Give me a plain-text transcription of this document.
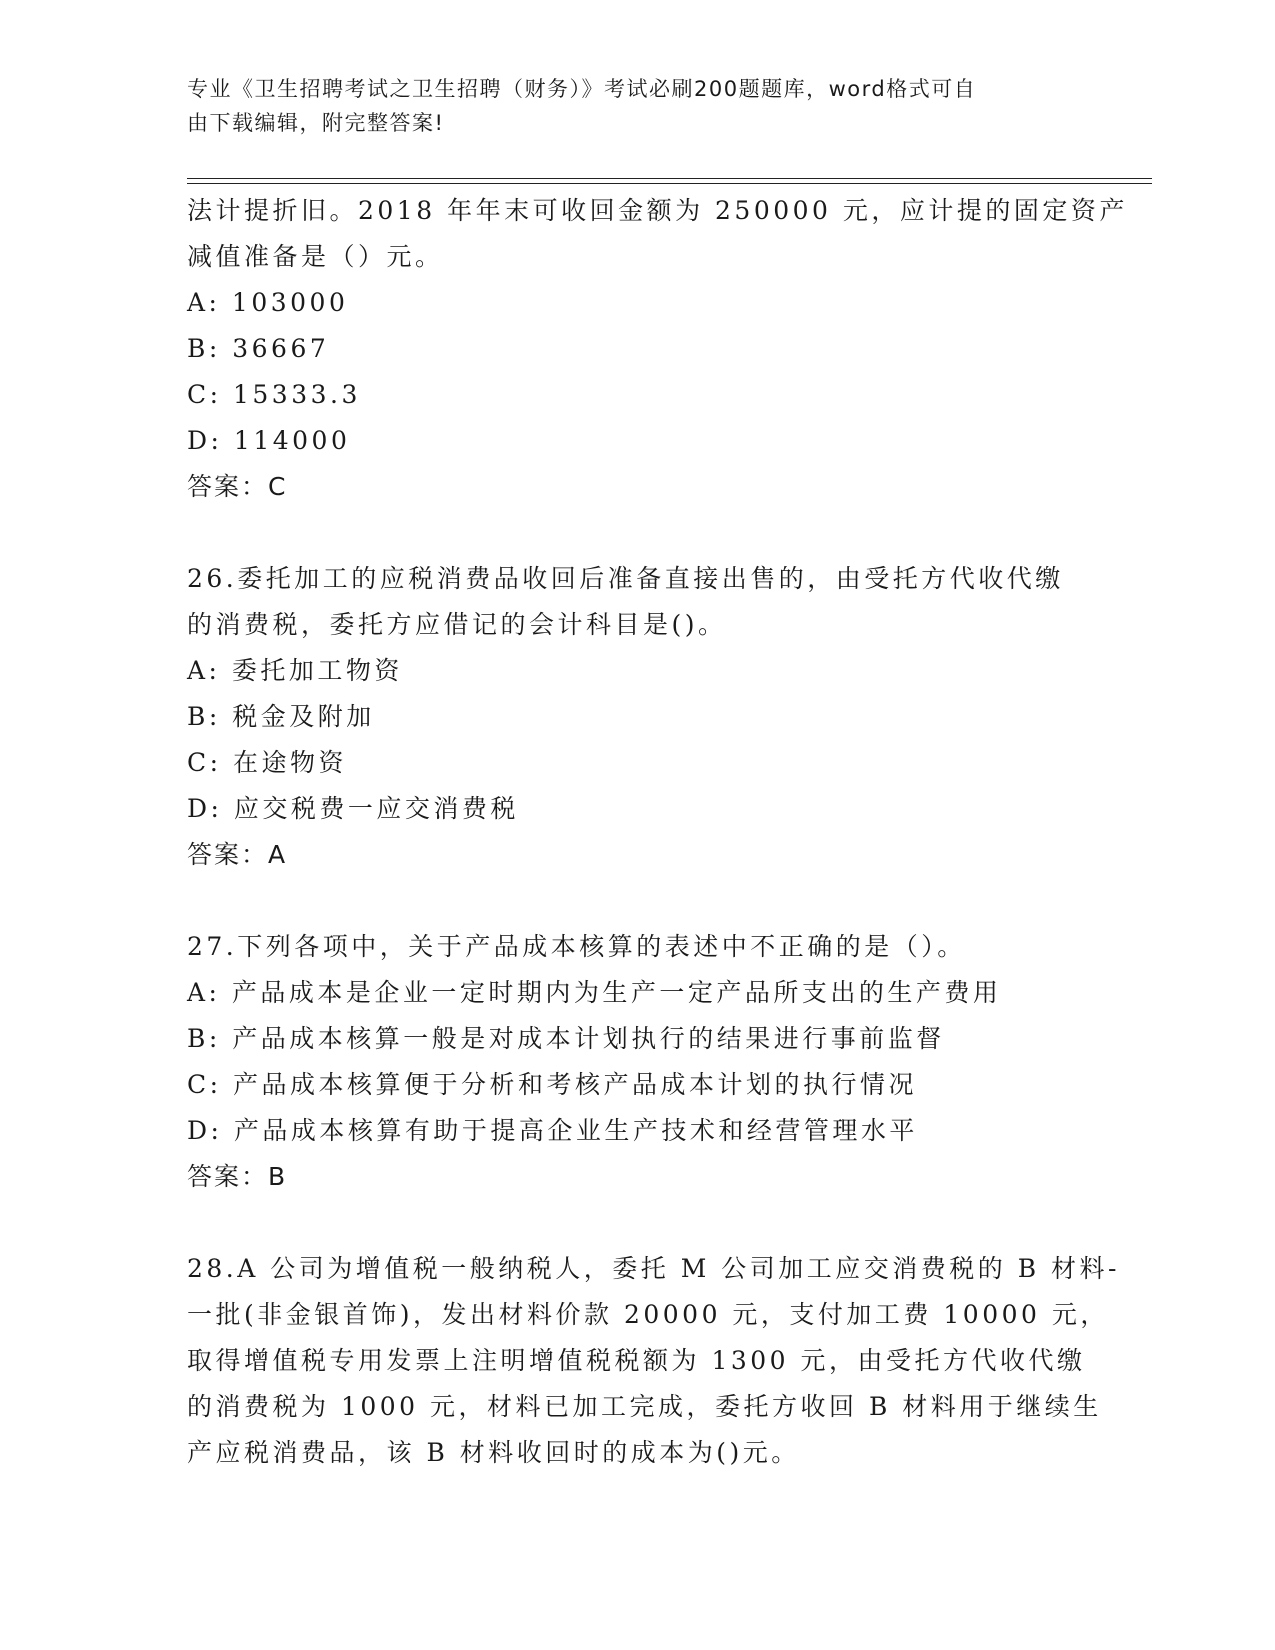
专业《卫生招聘考试之卫生招聘（财务）》考试必刷200题题库，word格式可自
由下载编辑，附完整答案!
法计提折旧。2018 年年末可收回金额为 250000 元，应计提的固定资产
减值准备是（）元。
A: 103000
B: 36667
C: 15333.3
D: 114000
答案：C
26.委托加工的应税消费品收回后准备直接出售的，由受托方代收代缴
的消费税，委托方应借记的会计科目是()。
A: 委托加工物资
B: 税金及附加
C: 在途物资
D: 应交税费一应交消费税
答案：A
27.下列各项中，关于产品成本核算的表述中不正确的是（）。
A: 产品成本是企业一定时期内为生产一定产品所支出的生产费用
B: 产品成本核算一般是对成本计划执行的结果进行事前监督
C: 产品成本核算便于分析和考核产品成本计划的执行情况
D: 产品成本核算有助于提高企业生产技术和经营管理水平
答案：B
28.A 公司为增值税一般纳税人，委托 M 公司加工应交消费税的 B 材料-
一批(非金银首饰)，发出材料价款 20000 元，支付加工费 10000 元，
取得增值税专用发票上注明增值税税额为 1300 元，由受托方代收代缴
的消费税为 1000 元，材料已加工完成，委托方收回 B 材料用于继续生
产应税消费品，该 B 材料收回时的成本为()元。
